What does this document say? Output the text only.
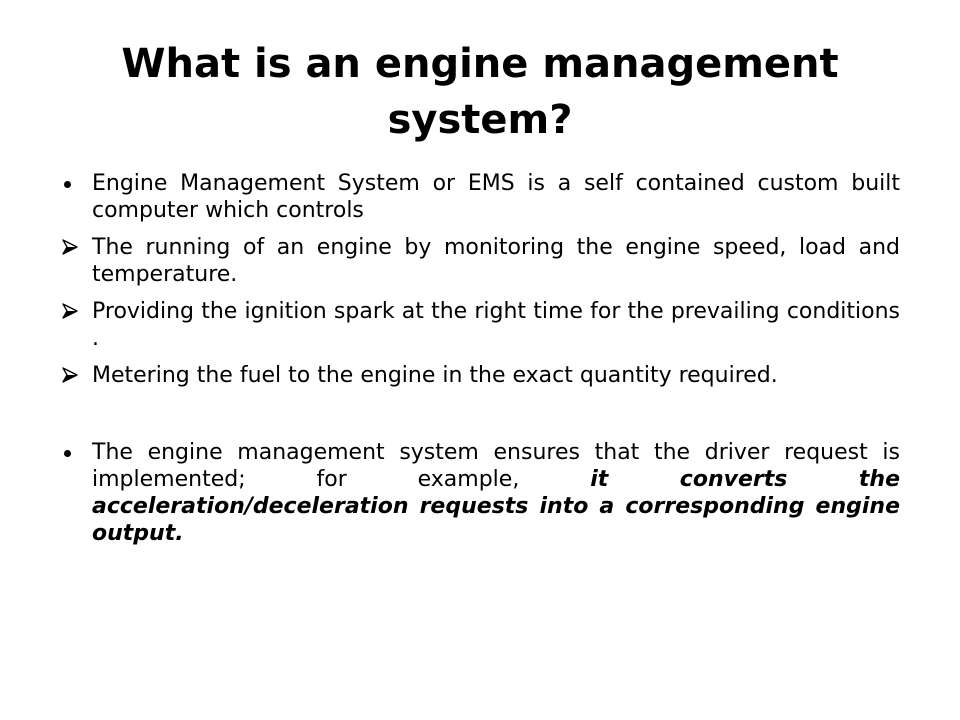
What is an engine management
system?
Engine Management System or EMS is a self contained custom built computer which controls
The running of an engine by monitoring the engine speed, load and temperature.
Providing the ignition spark at the right time for the prevailing conditions .
Metering the fuel to the engine in the exact quantity required.
The engine management system ensures that the driver request is implemented; for example, it converts the acceleration/deceleration requests into a corresponding engine output.
